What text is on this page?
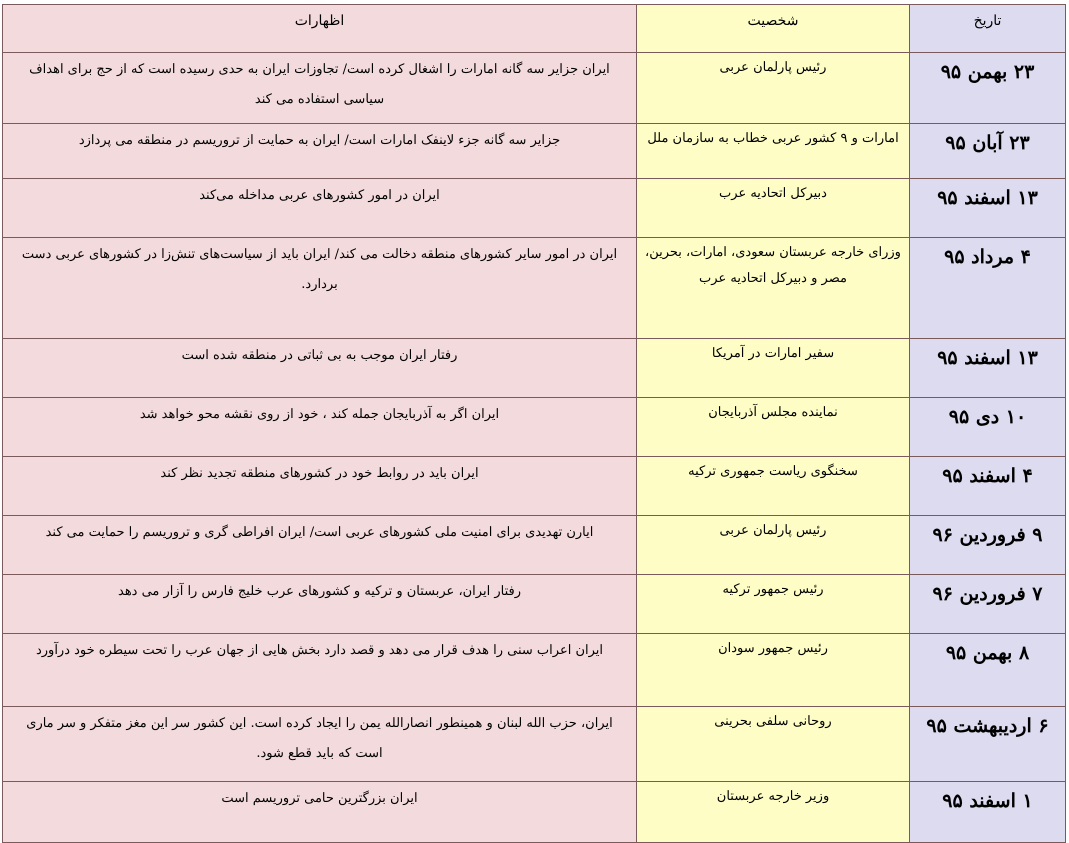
تاریخ	شخصیت	اظهارات
۲۳ بهمن ۹۵	رئیس پارلمان عربی	ایران جزایر سه گانه امارات را اشغال کرده است/ تجاوزات ایران به حدی رسیده است که از حج برای اهداف سیاسی استفاده می کند
۲۳ آبان ۹۵	امارات و ۹ کشور عربی خطاب به سازمان ملل	جزایر سه گانه جزء لاینفک امارات است/ ایران به حمایت از تروریسم در منطقه می پردازد
۱۳ اسفند ۹۵	دبیرکل اتحادیه عرب	ایران در امور کشورهای عربی مداخله می‌کند
۴ مرداد ۹۵	وزرای خارجه عربستان سعودی، امارات، بحرین، مصر و دبیرکل اتحادیه عرب	ایران در امور سایر کشورهای منطقه دخالت می کند/ ایران باید از سیاست‌های تنش‌زا در کشورهای عربی دست بردارد.
۱۳ اسفند ۹۵	سفیر امارات در آمریکا	رفتار ایران موجب به بی ثباتی در منطقه شده است
۱۰ دی ۹۵	نماینده مجلس آذربایجان	ایران اگر به آذربایجان جمله کند ، خود از روی نقشه محو خواهد شد
۴ اسفند ۹۵	سخنگوی ریاست جمهوری ترکیه	ایران باید در روابط خود در کشورهای منطقه تجدید نظر کند
۹ فروردین ۹۶	رئیس پارلمان عربی	ایارن تهدیدی برای امنیت ملی کشورهای عربی است/ ایران افراطی گری و تروریسم را حمایت می کند
۷ فروردین ۹۶	رئیس جمهور ترکیه	رفتار ایران، عربستان و ترکیه و کشورهای عرب خلیج فارس را آزار می دهد
۸ بهمن ۹۵	رئیس جمهور سودان	ایران اعراب سنی را هدف قرار می دهد و قصد دارد بخش هایی از جهان عرب را تحت سیطره خود درآورد
۶ اردیبهشت ۹۵	روحانی سلفی بحرینی	ایران، حزب الله لبنان و همینطور انصارالله یمن را ایجاد کرده است. این کشور سر این مغز متفکر و سر ماری است که باید قطع شود.
۱ اسفند ۹۵	وزیر خارجه عربستان	ایران بزرگترین حامی تروریسم است
